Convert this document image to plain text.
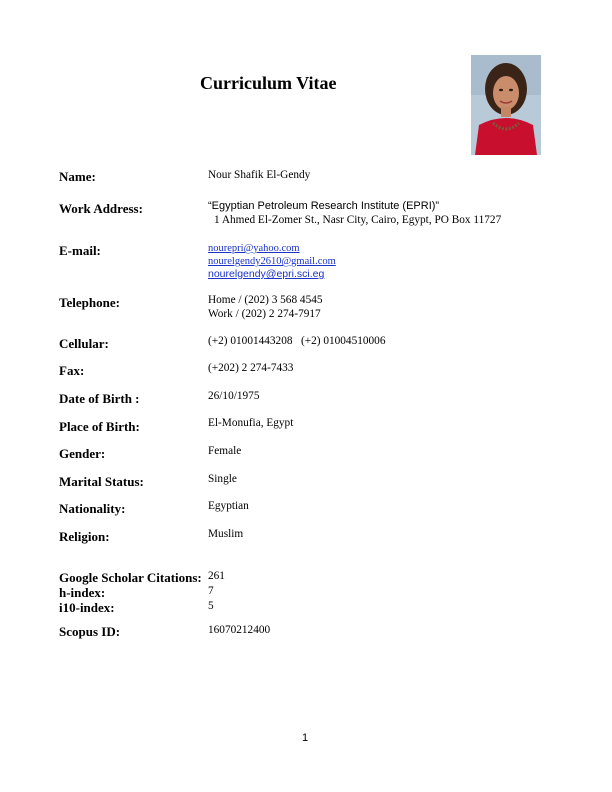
Curriculum Vitae
Name:	Nour Shafik El-Gendy
Work Address:	“Egyptian Petroleum Research Institute (EPRI)”
1 Ahmed El-Zomer St., Nasr City, Cairo, Egypt, PO Box 11727
E-mail:	nourepri@yahoo.com
nourelgendy2610@gmail.com
nourelgendy@epri.sci.eg
Telephone:	Home / (202) 3 568 4545
Work / (202) 2 274-7917
Cellular:	(+2) 01001443208   (+2) 01004510006
Fax:	(+202) 2 274-7433
Date of Birth :	26/10/1975
Place of Birth:	El-Monufia, Egypt
Gender:	Female
Marital Status:	Single
Nationality:	Egyptian
Religion:	Muslim
Google Scholar Citations: 261
h-index:	7
i10-index:	5
Scopus ID:	16070212400
1
